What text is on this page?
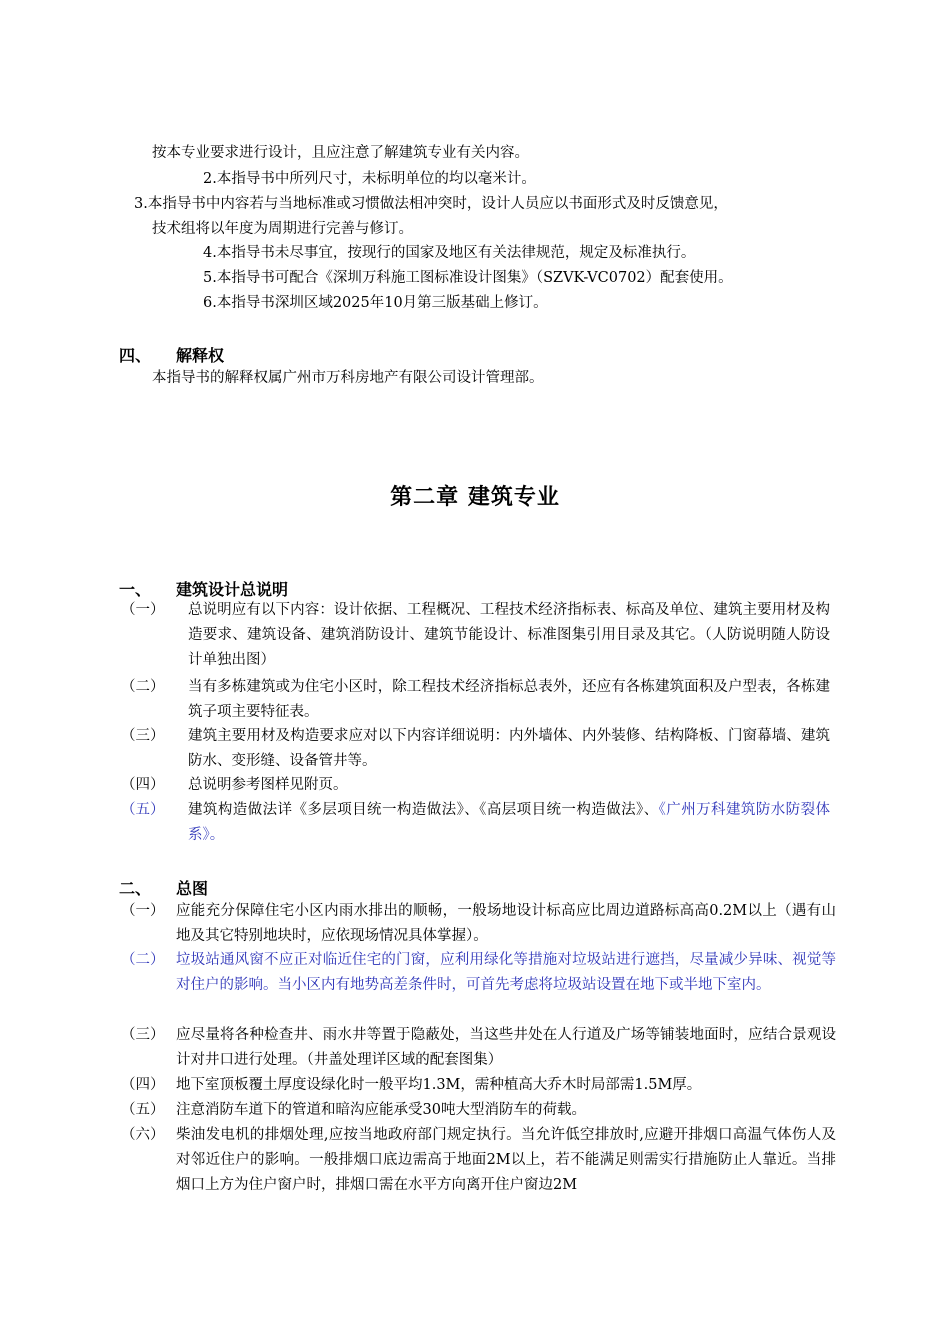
按本专业要求进行设计，且应注意了解建筑专业有关内容。
2.本指导书中所列尺寸，未标明单位的均以毫米计。
3.本指导书中内容若与当地标准或习惯做法相冲突时，设计人员应以书面形式及时反馈意见，
技术组将以年度为周期进行完善与修订。
4.本指导书未尽事宜，按现行的国家及地区有关法律规范，规定及标准执行。
5.本指导书可配合《深圳万科施工图标准设计图集》（SZVK-VC0702）配套使用。
6.本指导书深圳区域2025年10月第三版基础上修订。
四、 解释权
本指导书的解释权属广州市万科房地产有限公司设计管理部。
第二章 建筑专业
一、 建筑设计总说明
（一） 总说明应有以下内容：设计依据、工程概况、工程技术经济指标表、标高及单位、建筑主要用材及构造要求、建筑设备、建筑消防设计、建筑节能设计、标准图集引用目录及其它。（人防说明随人防设计单独出图）
（二） 当有多栋建筑或为住宅小区时，除工程技术经济指标总表外，还应有各栋建筑面积及户型表，各栋建筑子项主要特征表。
（三） 建筑主要用材及构造要求应对以下内容详细说明：内外墙体、内外装修、结构降板、门窗幕墙、建筑防水、变形缝、设备管井等。
（四） 总说明参考图样见附页。
（五） 建筑构造做法详《多层项目统一构造做法》、《高层项目统一构造做法》、《广州万科建筑防水防裂体系》。
二、 总图
（一） 应能充分保障住宅小区内雨水排出的顺畅，一般场地设计标高应比周边道路标高高0.2M以上（遇有山地及其它特别地块时，应依现场情况具体掌握）。
（二） 垃圾站通风窗不应正对临近住宅的门窗，应利用绿化等措施对垃圾站进行遮挡，尽量减少异味、视觉等对住户的影响。当小区内有地势高差条件时，可首先考虑将垃圾站设置在地下或半地下室内。
（三） 应尽量将各种检查井、雨水井等置于隐蔽处，当这些井处在人行道及广场等铺装地面时，应结合景观设计对井口进行处理。（井盖处理详区域的配套图集）
（四） 地下室顶板覆土厚度设绿化时一般平均1.3M，需种植高大乔木时局部需1.5M厚。
（五） 注意消防车道下的管道和暗沟应能承受30吨大型消防车的荷载。
（六） 柴油发电机的排烟处理,应按当地政府部门规定执行。当允许低空排放时,应避开排烟口高温气体伤人及对邻近住户的影响。一般排烟口底边需高于地面2M以上，若不能满足则需实行措施防止人靠近。当排烟口上方为住户窗户时，排烟口需在水平方向离开住户窗边2M
